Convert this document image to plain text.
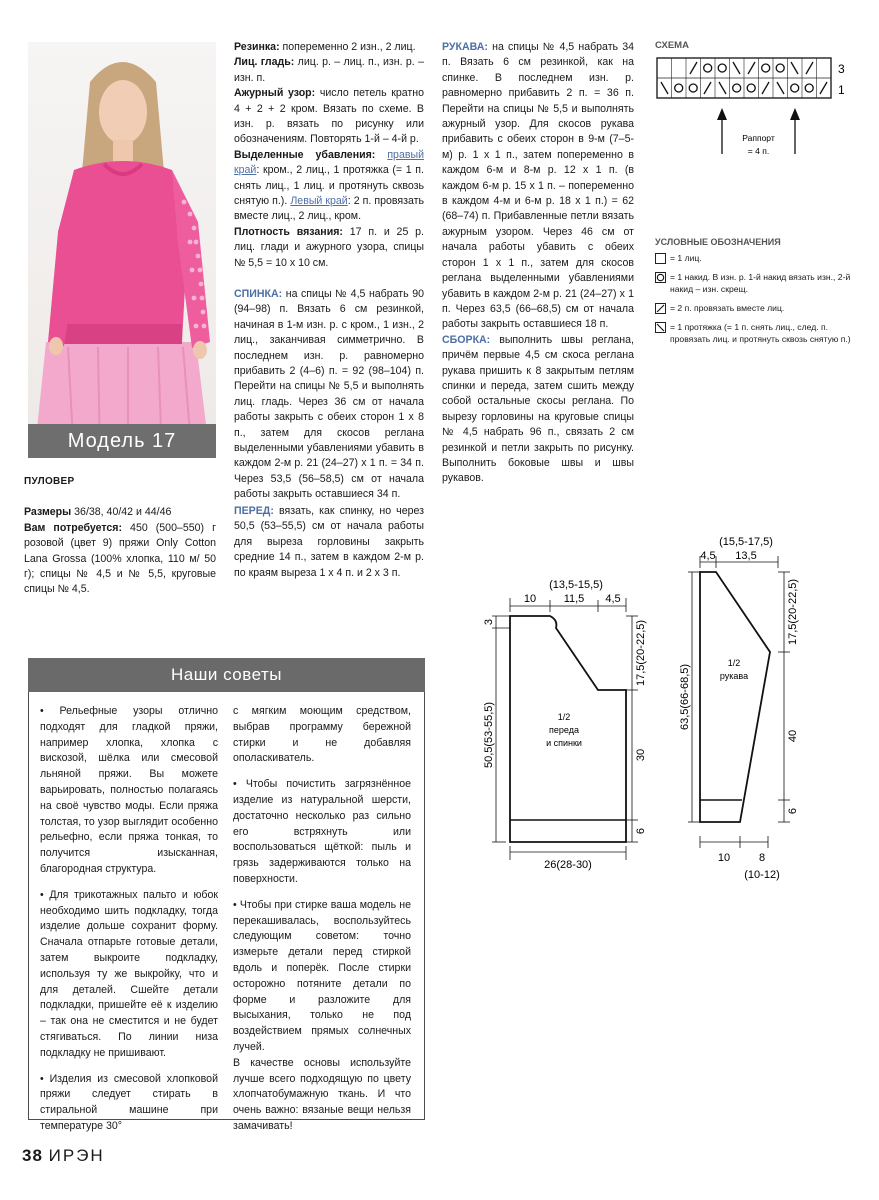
Модель 17
ПУЛОВЕР
Размеры 36/38, 40/42 и 44/46
Вам потребуется: 450 (500–550) г розовой (цвет 9) пряжи Only Cotton Lana Grossa (100% хлопка, 110 м/ 50 г); спицы № 4,5 и № 5,5, круговые спицы № 4,5.

Резинка: попеременно 2 изн., 2 лиц.

Лиц. гладь: лиц. р. – лиц. п., изн. р. – изн. п.

Ажурный узор: число петель кратно 4 + 2 + 2 кром. Вязать по схеме. В изн. р. вязать по рисунку или обозначениям. Повторять 1-й – 4-й р.

Выделенные убавления: правый край: кром., 2 лиц., 1 протяжка (= 1 п. снять лиц., 1 лиц. и протянуть сквозь снятую п.). Левый край: 2 п. провязать вместе лиц., 2 лиц., кром.

Плотность вязания: 17 п. и 25 р. лиц. глади и ажурного узора, спицы № 5,5 = 10 х 10 см.

СПИНКА: на спицы № 4,5 набрать 90 (94–98) п. Вязать 6 см резинкой, начиная в 1-м изн. р. с кром., 1 изн., 2 лиц., заканчивая симметрично. В последнем изн. р. равномерно прибавить 2 (4–6) п. = 92 (98–104) п. Перейти на спицы № 5,5 и выполнять лиц. гладь. Через 36 см от начала работы закрыть с обеих сторон 1 х 8 п., затем для скосов реглана выделенными убавлениями убавить в каждом 2-м р. 21 (24–27) х 1 п. = 34 п. Через 53,5 (56–58,5) см от начала работы закрыть оставшиеся 34 п.

ПЕРЕД: вязать, как спинку, но через 50,5 (53–55,5) см от начала работы для выреза горловины закрыть средние 14 п., затем в каждом 2-м р. по краям выреза 1 х 4 п. и 2 х 3 п.

РУКАВА: на спицы № 4,5 набрать 34 п. Вязать 6 см резинкой, как на спинке. В последнем изн. р. равномерно прибавить 2 п. = 36 п. Перейти на спицы № 5,5 и выполнять ажурный узор. Для скосов рукава прибавить с обеих сторон в 9-м (7–5-м) р. 1 х 1 п., затем попеременно в каждом 6-м и 8-м р. 12 х 1 п. (в каждом 6-м р. 15 х 1 п. – попеременно в каждом 4-м и 6-м р. 18 х 1 п.) = 62 (68–74) п. Прибавленные петли вязать ажурным узором. Через 46 см от начала работы убавить с обеих сторон 1 х 1 п., затем для скосов реглана выделенными убавлениями убавить в каждом 2-м р. 21 (24–27) х 1 п. Через 63,5 (66–68,5) см от начала работы закрыть оставшиеся 18 п.

СБОРКА: выполнить швы реглана, причём первые 4,5 см скоса реглана рукава пришить к 8 закрытым петлям спинки и переда, затем сшить между собой остальные скосы реглана. По вырезу горловины на круговые спицы № 4,5 набрать 96 п., связать 2 см резинкой и петли закрыть по рисунку. Выполнить боковые швы и швы рукавов.

СХЕМА
3
1
Раппорт
= 4 п.
УСЛОВНЫЕ ОБОЗНАЧЕНИЯ
= 1 лиц.
= 1 накид. В изн. р. 1-й накид вязать изн., 2-й накид – изн. скрещ.
= 2 п. провязать вместе лиц.
= 1 протяжка (= 1 п. снять лиц., след. п. провязать лиц. и протянуть сквозь снятую п.)
(13,5-15,5)
10	11,5 4,5
3
50,5(53-55,5)
17,5(20-22,5)
30
6
1/2
переда
и спинки
26(28-30)
(15,5-17,5)
4,5 13,5
63,5(66-68,5)
17,5(20-22,5)
40
6
1/2
рукава
10	8
(10-12)
Наши советы

• Рельефные узоры отлично подходят для гладкой пряжи, например хлопка, хлопка с вискозой, шёлка или смесовой льняной пряжи. Вы можете варьировать, полностью полагаясь на своё чувство моды. Если пряжа толстая, то узор выглядит особенно рельефно, если пряжа тонкая, то получится изысканная, благородная структура.

• Для трикотажных пальто и юбок необходимо шить подкладку, тогда изделие дольше сохранит форму. Сначала отпарьте готовые детали, затем выкроите подкладку, используя ту же выкройку, что и для деталей. Сшейте детали подкладки, пришейте её к изделию – так она не сместится и не будет стягиваться. По линии низа подкладку не пришивают.

• Изделия из смесовой хлопковой пряжи следует стирать в стиральной машине при температуре 30°

с мягким моющим средством, выбрав программу бережной стирки и не добавляя ополаскиватель.

• Чтобы почистить загрязнённое изделие из натуральной шерсти, достаточно несколько раз сильно его встряхнуть или воспользоваться щёткой: пыль и грязь задерживаются только на поверхности.

• Чтобы при стирке ваша модель не перекашивалась, воспользуйтесь следующим советом: точно измерьте детали перед стиркой вдоль и поперёк. После стирки осторожно потяните детали по форме и разложите для высыхания, только не под воздействием прямых солнечных лучей.

В качестве основы используйте лучше всего подходящую по цвету хлопчатобумажную ткань. И что очень важно: вязаные вещи нельзя замачивать!

38 ИРЭН
